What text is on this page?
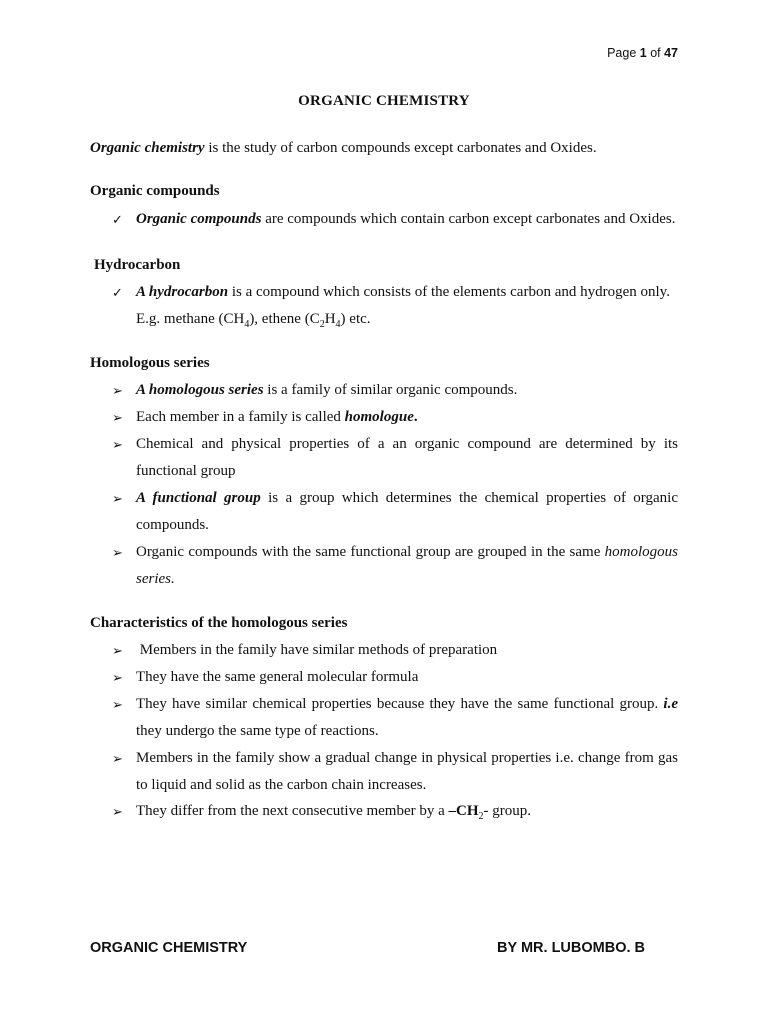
Page 1 of 47
ORGANIC CHEMISTRY
Organic chemistry is the study of carbon compounds except carbonates and Oxides.
Organic compounds
✓ Organic compounds are compounds which contain carbon except carbonates and Oxides.
Hydrocarbon
✓ A hydrocarbon is a compound which consists of the elements carbon and hydrogen only.
E.g. methane $(CH_4)$, ethene $(C_2H_4)$ etc.
Homologous series
➢ A homologous series is a family of similar organic compounds.
➢ Each member in a family is called homologue.
➢ Chemical and physical properties of a an organic compound are determined by its functional group
➢ A functional group is a group which determines the chemical properties of organic compounds.
➢ Organic compounds with the same functional group are grouped in the same homologous series.
Characteristics of the homologous series
➢ Members in the family have similar methods of preparation
➢ They have the same general molecular formula
➢ They have similar chemical properties because they have the same functional group. i.e they undergo the same type of reactions.
➢ Members in the family show a gradual change in physical properties i.e. change from gas to liquid and solid as the carbon chain increases.
➢ They differ from the next consecutive member by a $-CH_2-$ group.
ORGANIC CHEMISTRY	BY MR. LUBOMBO. B
